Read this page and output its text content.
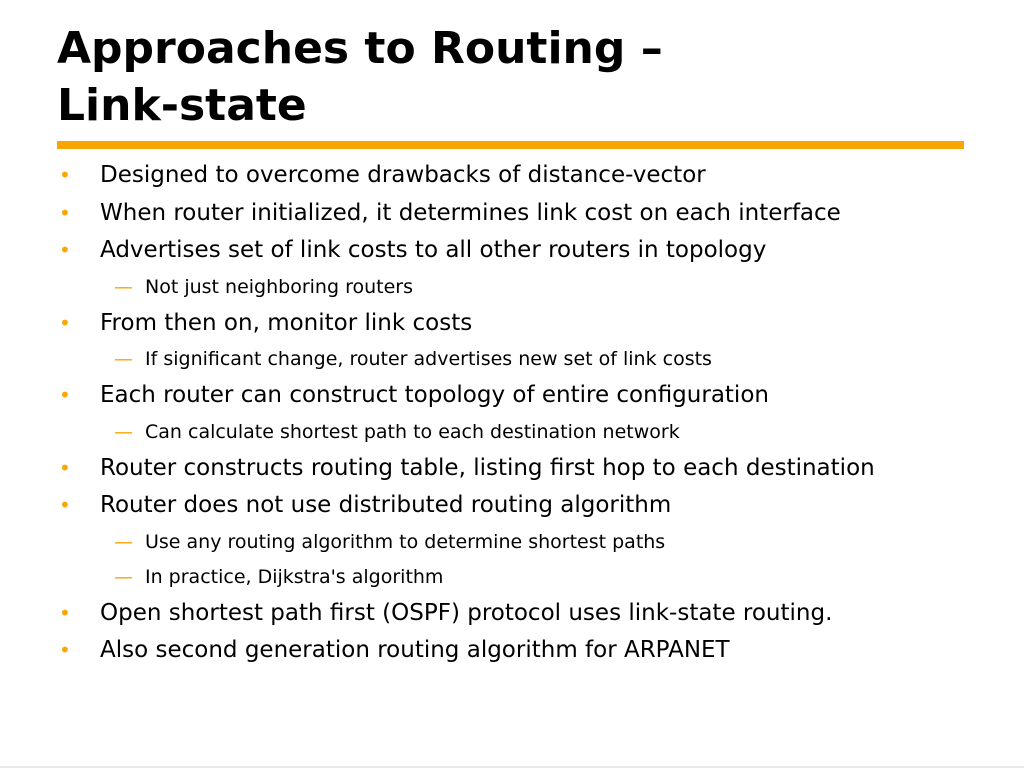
Approaches to Routing –
Link-state
• Designed to overcome drawbacks of distance-vector
• When router initialized, it determines link cost on each interface
• Advertises set of link costs to all other routers in topology
— Not just neighboring routers
• From then on, monitor link costs
— If significant change, router advertises new set of link costs
• Each router can construct topology of entire configuration
— Can calculate shortest path to each destination network
• Router constructs routing table, listing first hop to each destination
• Router does not use distributed routing algorithm
— Use any routing algorithm to determine shortest paths
— In practice, Dijkstra's algorithm
• Open shortest path first (OSPF) protocol uses link-state routing.
• Also second generation routing algorithm for ARPANET
